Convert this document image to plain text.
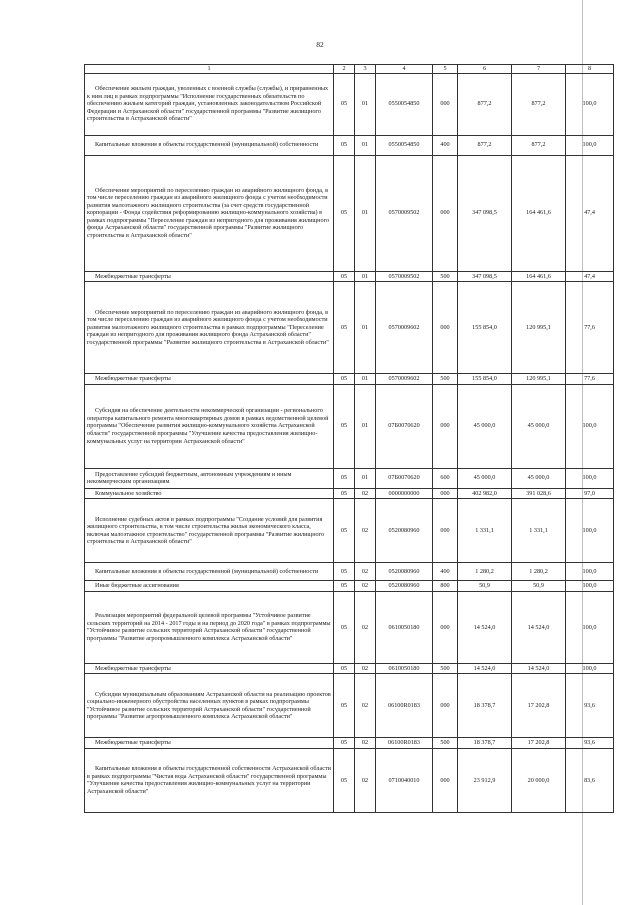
82
1	2	3	4	5	6	7	8
Обеспечение жильем граждан, уволенных с военной службы (службы), и приравненных к ним лиц в рамках подпрограммы "Исполнение государственных обязательств по обеспечению жильем категорий граждан, установленных законодательством Российской Федерации и Астраханской области" государственной программы "Развитие жилищного строительства в Астраханской области"	05	01	0550054850	000	877,2	877,2	100,0
Капитальные вложения в объекты государственной (муниципальной) собственности	05	01	0550054850	400	877,2	877,2	100,0
Обеспечение мероприятий по переселению граждан из аварийного жилищного фонда, в том числе переселению граждан из аварийного жилищного фонда с учетом необходимости развития малоэтажного жилищного строительства (за счет средств государственной корпорации - Фонда содействия реформированию жилищно-коммунального хозяйства) в рамках подпрограммы "Переселение граждан из непригодного для проживания жилищного фонда Астраханской области" государственной программы "Развитие жилищного строительства в Астраханской области"	05	01	0570009502	000	347 098,5	164 461,6	47,4
Межбюджетные трансферты	05	01	0570009502	500	347 098,5	164 461,6	47,4
Обеспечение мероприятий по переселению граждан из аварийного жилищного фонда, в том числе переселению граждан из аварийного жилищного фонда с учетом необходимости развития малоэтажного жилищного строительства в рамках подпрограммы "Переселение граждан из непригодного для проживания жилищного фонда Астраханской области" государственной программы "Развитие жилищного строительства в Астраханской области"	05	01	0570009602	000	155 854,0	120 995,1	77,6
Межбюджетные трансферты	05	01	0570009602	500	155 854,0	120 995,1	77,6
Субсидия на обеспечение деятельности некоммерческой организации - регионального оператора капитального ремонта многоквартирных домов в рамках ведомственной целевой программы "Обеспечение развития жилищно-коммунального хозяйства Астраханской области" государственной программы "Улучшение качества предоставления жилищно-коммунальных услуг на территории Астраханской области"	05	01	07Б0070620	000	45 000,0	45 000,0	100,0
Предоставление субсидий бюджетным, автономным учреждениям и иным некоммерческим организациям	05	01	07Б0070620	600	45 000,0	45 000,0	100,0
Коммунальное хозяйство	05	02	0000000000	000	402 982,0	391 028,6	97,0
Исполнение судебных актов в рамках подпрограммы "Создание условий для развития жилищного строительства, в том числе строительства жилья экономического класса, включая малоэтажное строительство" государственной программы "Развитие жилищного строительства в Астраханской области"	05	02	0520080960	000	1 331,1	1 331,1	100,0
Капитальные вложения в объекты государственной (муниципальной) собственности	05	02	0520080960	400	1 280,2	1 280,2	100,0
Иные бюджетные ассигнования	05	02	0520080960	800	50,9	50,9	100,0
Реализация мероприятий федеральной целевой программы "Устойчивое развитие сельских территорий на 2014 - 2017 годы и на период до 2020 года" в рамках подпрограммы "Устойчивое развитие сельских территорий Астраханской области" государственной программы "Развитие агропромышленного комплекса Астраханской области"	05	02	0610050180	000	14 524,0	14 524,0	100,0
Межбюджетные трансферты	05	02	0610050180	500	14 524,0	14 524,0	100,0
Субсидии муниципальным образованиям Астраханской области на реализацию проектов социально-инженерного обустройства населенных пунктов в рамках подпрограммы "Устойчивое развитие сельских территорий Астраханской области" государственной программы "Развитие агропромышленного комплекса Астраханской области"	05	02	06100R0183	000	18 378,7	17 202,8	93,6
Межбюджетные трансферты	05	02	06100R0183	500	18 378,7	17 202,8	93,6
Капитальные вложения в объекты государственной собственности Астраханской области в рамках подпрограммы "Чистая вода Астраханской области" государственной программы "Улучшение качества предоставления жилищно-коммунальных услуг на территории Астраханской области"	05	02	0710040010	000	23 912,9	20 000,0	83,6
